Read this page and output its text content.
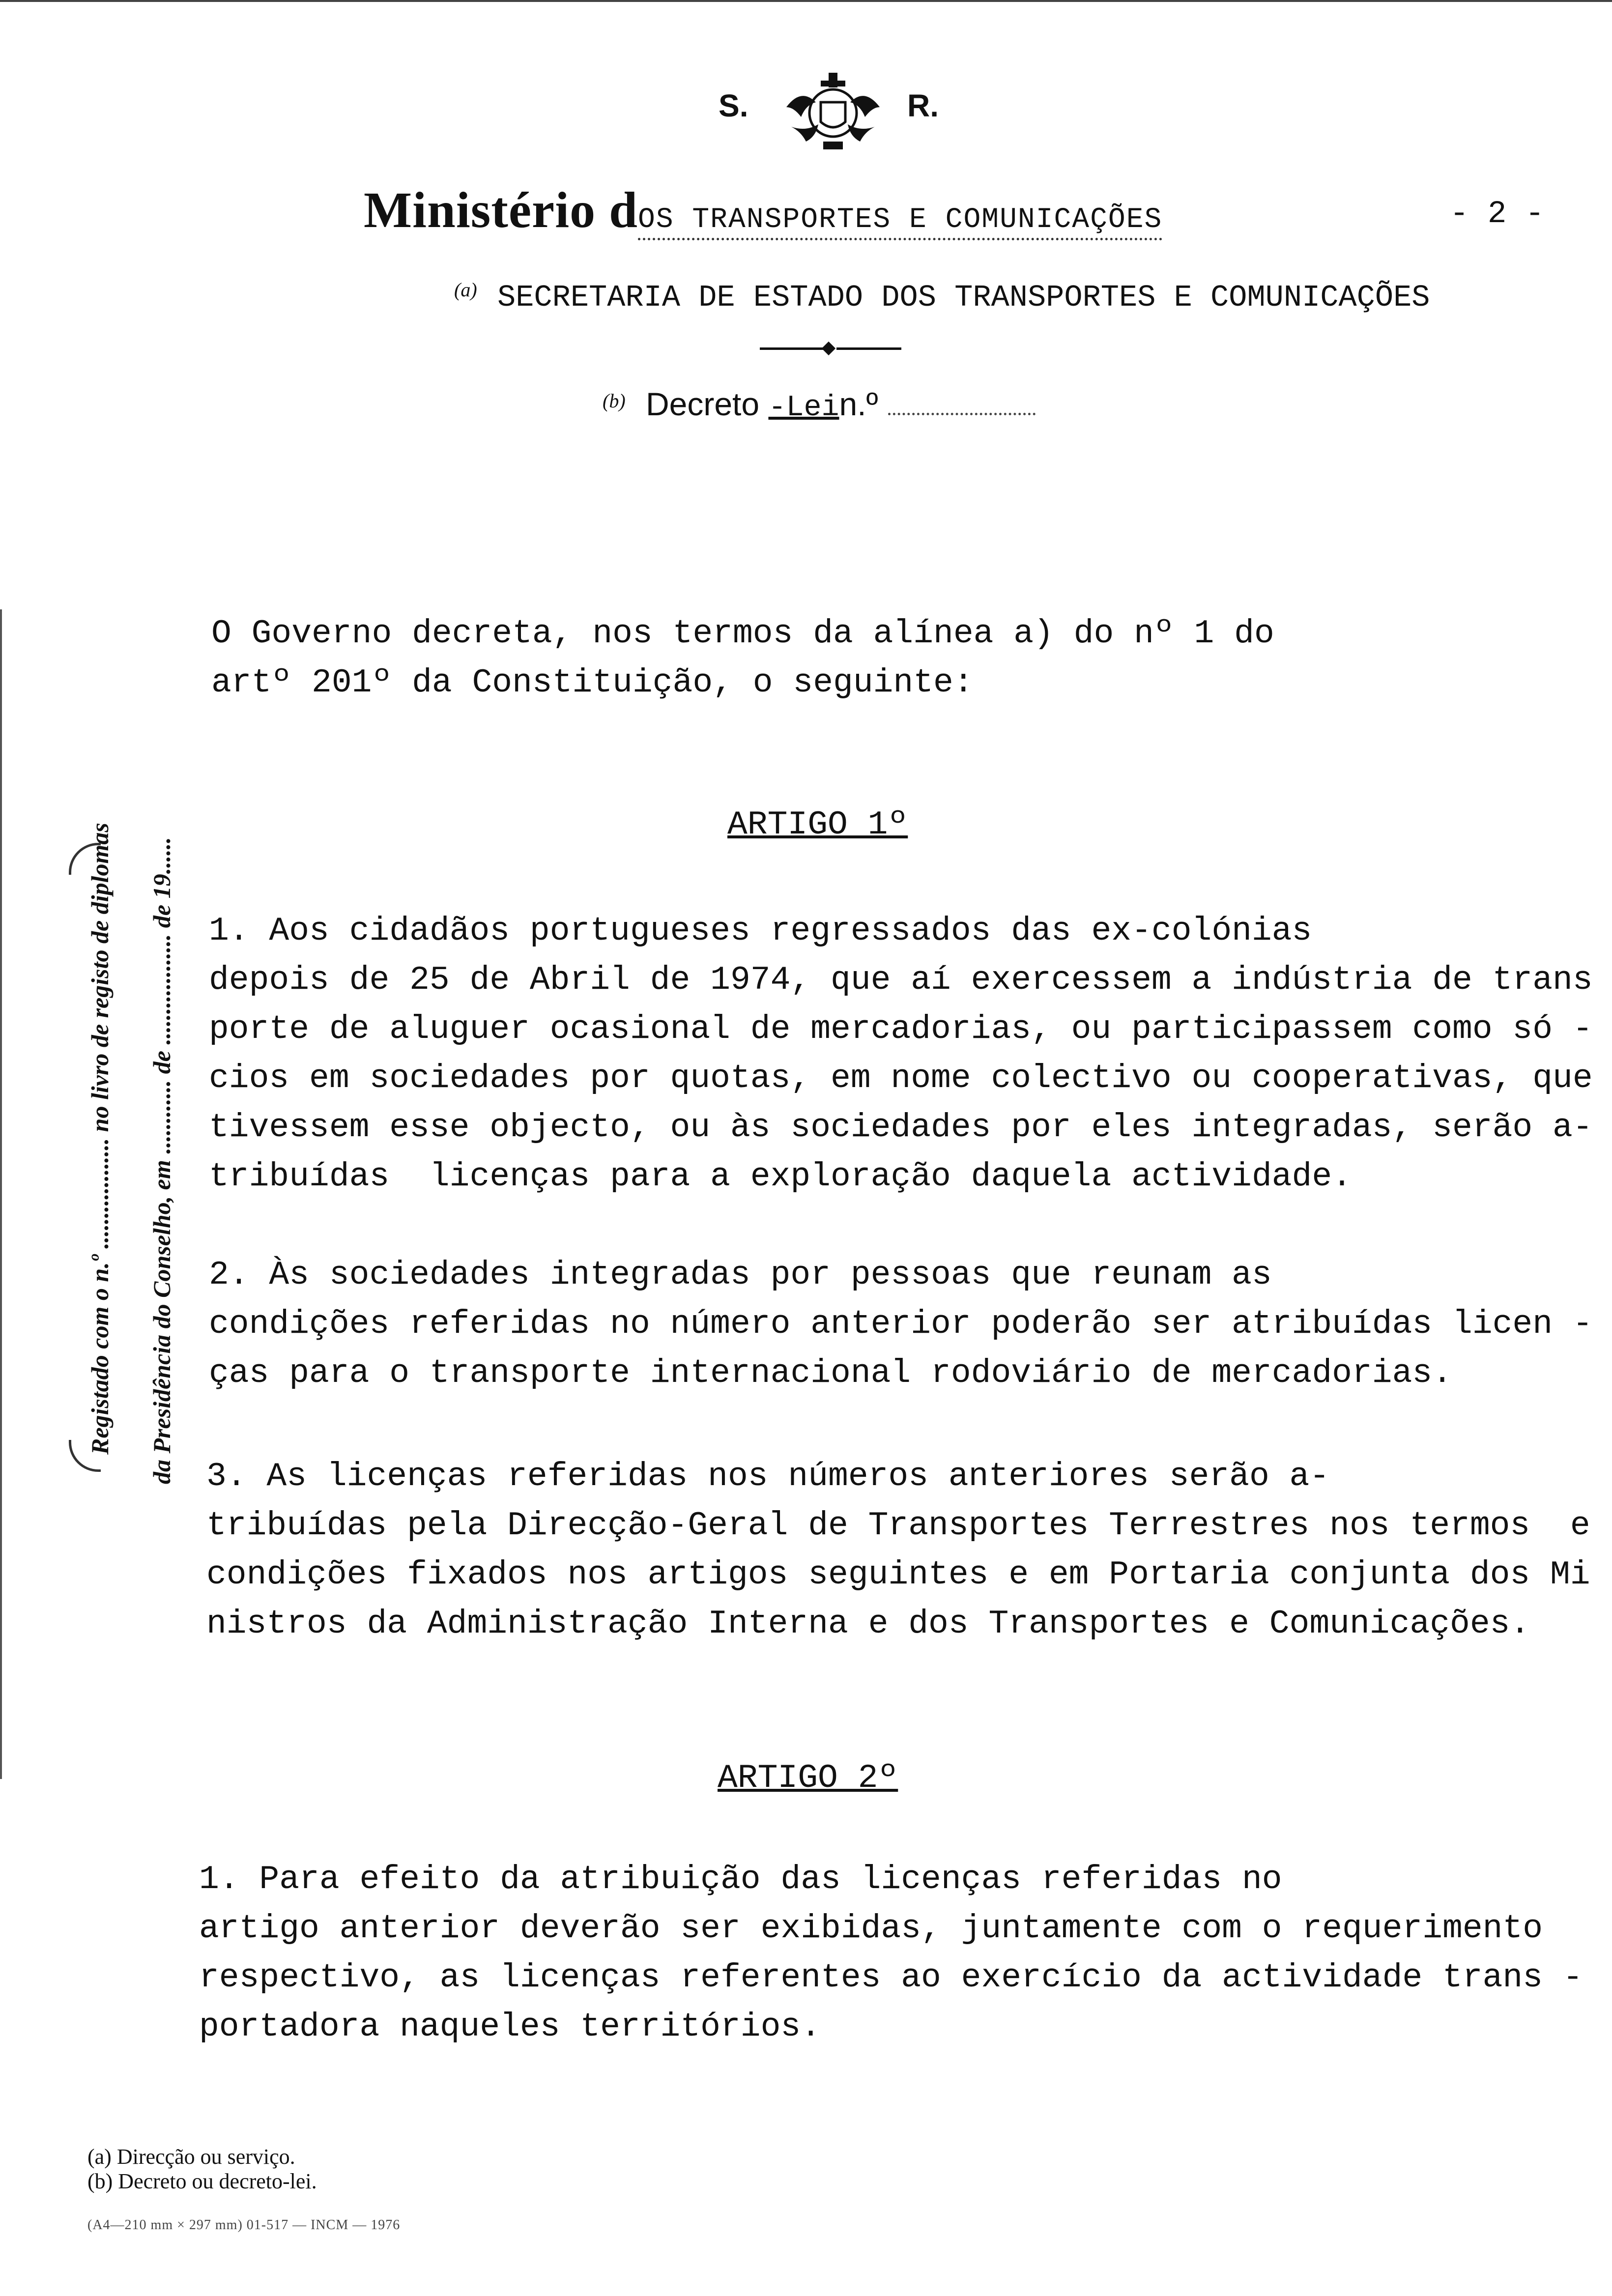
S.	R.
Ministério dOS TRANSPORTES E COMUNICAÇÕES	- 2 -
(a) SECRETARIA DE ESTADO DOS TRANSPORTES E COMUNICAÇÕES
(b) Decreto -Lein.º
Registado com o n.º .................. no livro de registo de diplomas da Presidência do Conselho, em ............ de .................. de 19......
O Governo decreta, nos termos da alínea a) do nº 1 do
artº 201º da Constituição, o seguinte:
ARTIGO 1º
1. Aos cidadãos portugueses regressados das ex-colónias
depois de 25 de Abril de 1974, que aí exercessem a indústria de trans
porte de aluguer ocasional de mercadorias, ou participassem como só -
cios em sociedades por quotas, em nome colectivo ou cooperativas, que
tivessem esse objecto, ou às sociedades por eles integradas, serão a-
tribuídas  licenças para a exploração daquela actividade.
2. Às sociedades integradas por pessoas que reunam as
condições referidas no número anterior poderão ser atribuídas licen -
ças para o transporte internacional rodoviário de mercadorias.
3. As licenças referidas nos números anteriores serão a-
tribuídas pela Direcção-Geral de Transportes Terrestres nos termos  e
condições fixados nos artigos seguintes e em Portaria conjunta dos Mi
nistros da Administração Interna e dos Transportes e Comunicações.
ARTIGO 2º
1. Para efeito da atribuição das licenças referidas no
artigo anterior deverão ser exibidas, juntamente com o requerimento
respectivo, as licenças referentes ao exercício da actividade trans -
portadora naqueles territórios.
(a) Direcção ou serviço.
(b) Decreto ou decreto-lei.
(A4—210 mm × 297 mm) 01-517 — INCM — 1976
